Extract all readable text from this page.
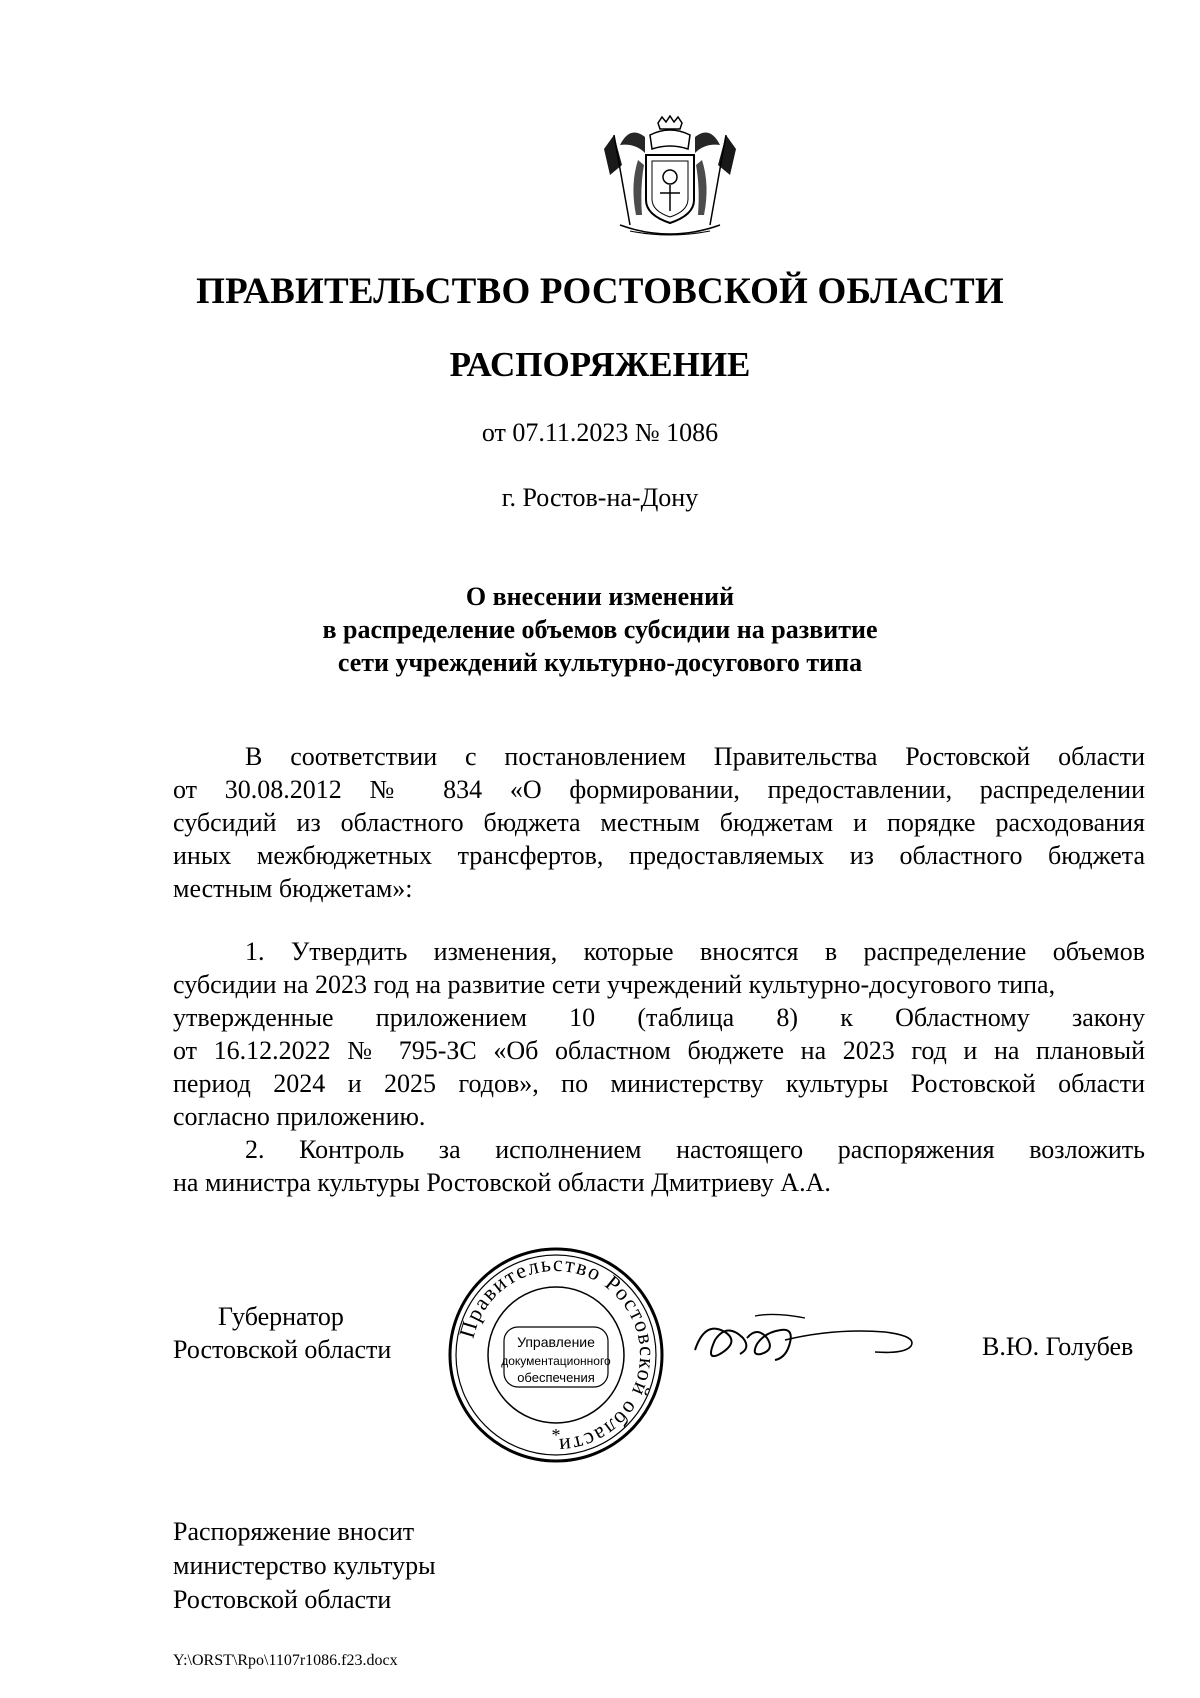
ПРАВИТЕЛЬСТВО РОСТОВСКОЙ ОБЛАСТИ
РАСПОРЯЖЕНИЕ
от 07.11.2023 № 1086
г. Ростов-на-Дону
О внесении изменений
в распределение объемов субсидии на развитие
сети учреждений культурно-досугового типа
В соответствии с постановлением Правительства Ростовской области
от 30.08.2012 № 834 «О формировании, предоставлении, распределении
субсидий из областного бюджета местным бюджетам и порядке расходования
иных межбюджетных трансфертов, предоставляемых из областного бюджета
местным бюджетам»:
1. Утвердить изменения, которые вносятся в распределение объемов
субсидии на 2023 год на развитие сети учреждений культурно-досугового типа,
утвержденные приложением 10 (таблица 8) к Областному закону
от 16.12.2022 № 795-ЗС «Об областном бюджете на 2023 год и на плановый
период 2024 и 2025 годов», по министерству культуры Ростовской области
согласно приложению.
2. Контроль за исполнением настоящего распоряжения возложить
на министра культуры Ростовской области Дмитриеву А.А.
Губернатор
Ростовской области
Правительство Ростовской области
Управление
документационного
обеспечения
*
В.Ю. Голубев
Распоряжение вносит
министерство культуры
Ростовской области
Y:\ORST\Rpo\1107r1086.f23.docx
